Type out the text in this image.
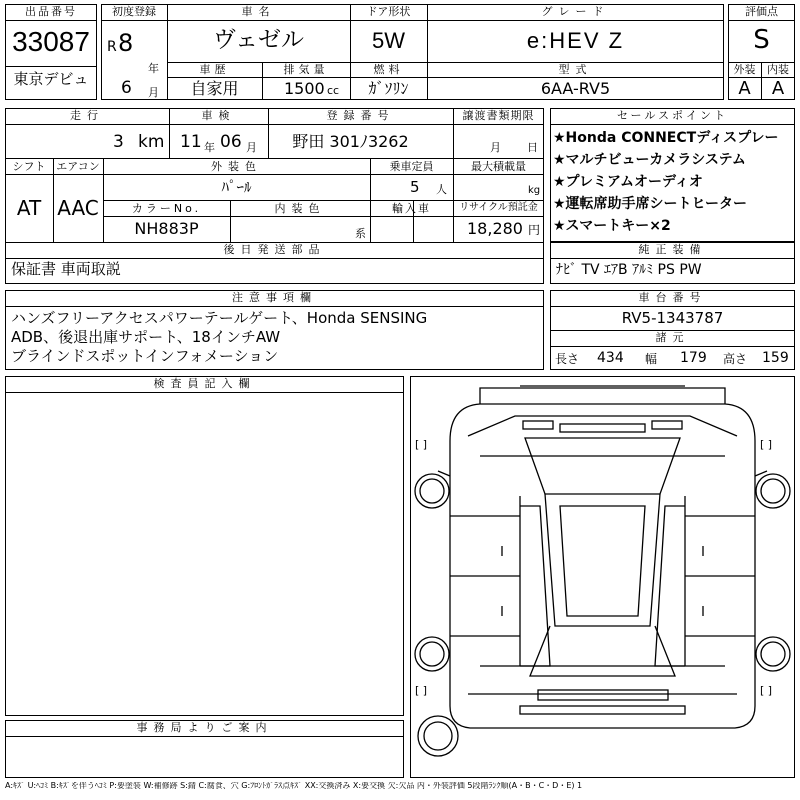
出品番号
33087
東京デビュ
初度登録
R 8
年
6 月
車名
ヴェゼル
ドア形状
5W
グレード
e:HEV Z
車歴
自家用
排気量
1500 cc
燃料
ｶﾞｿﾘﾝ
型式
6AA-RV5
評価点
S
外装	内装
A	A
走行
3 km
車検
11 年 06 月
登録番号
野田 301ﾉ3262
譲渡書類期限
月 日
シフト
AT
エアコン
AAC
外装色
ﾊﾟｰﾙ
乗車定員
5 人
最大積載量
kg
カラーNo.
NH883P
内装色
系
輸入車	リサイクル預託金
18,280 円
後日発送部品
保証書 車両取説
セールスポイント
★Honda CONNECTディスプレー
★マルチビューカメラシステム
★プレミアムオーディオ
★運転席助手席シートヒーター
★スマートキー×2
純正装備
ﾅﾋﾞ TV ｴｱB ｱﾙﾐ PS PW
注意事項欄
ハンズフリーアクセスパワーテールゲート、Honda SENSING
ADB、後退出庫サポート、18インチAW
ブラインドスポットインフォメーション
車台番号
RV5-1343787
諸元
長さ 434 幅 179 高さ 159
検査員記入欄
事務局よりご案内
[ ]	[ ]
[ ]	[ ]
A:ｷｽﾞ U:ﾍｺﾐ B:ｷｽﾞを伴うﾍｺﾐ P:要塗装 W:補修跡 S:錆 C:腐食、穴 G:ﾌﾛﾝﾄｶﾞﾗｽ点ｷｽﾞ XX:交換済み X:要交換 欠:欠品 内・外装評価 5段階ﾗﾝｸ順(A・B・C・D・E) 1
